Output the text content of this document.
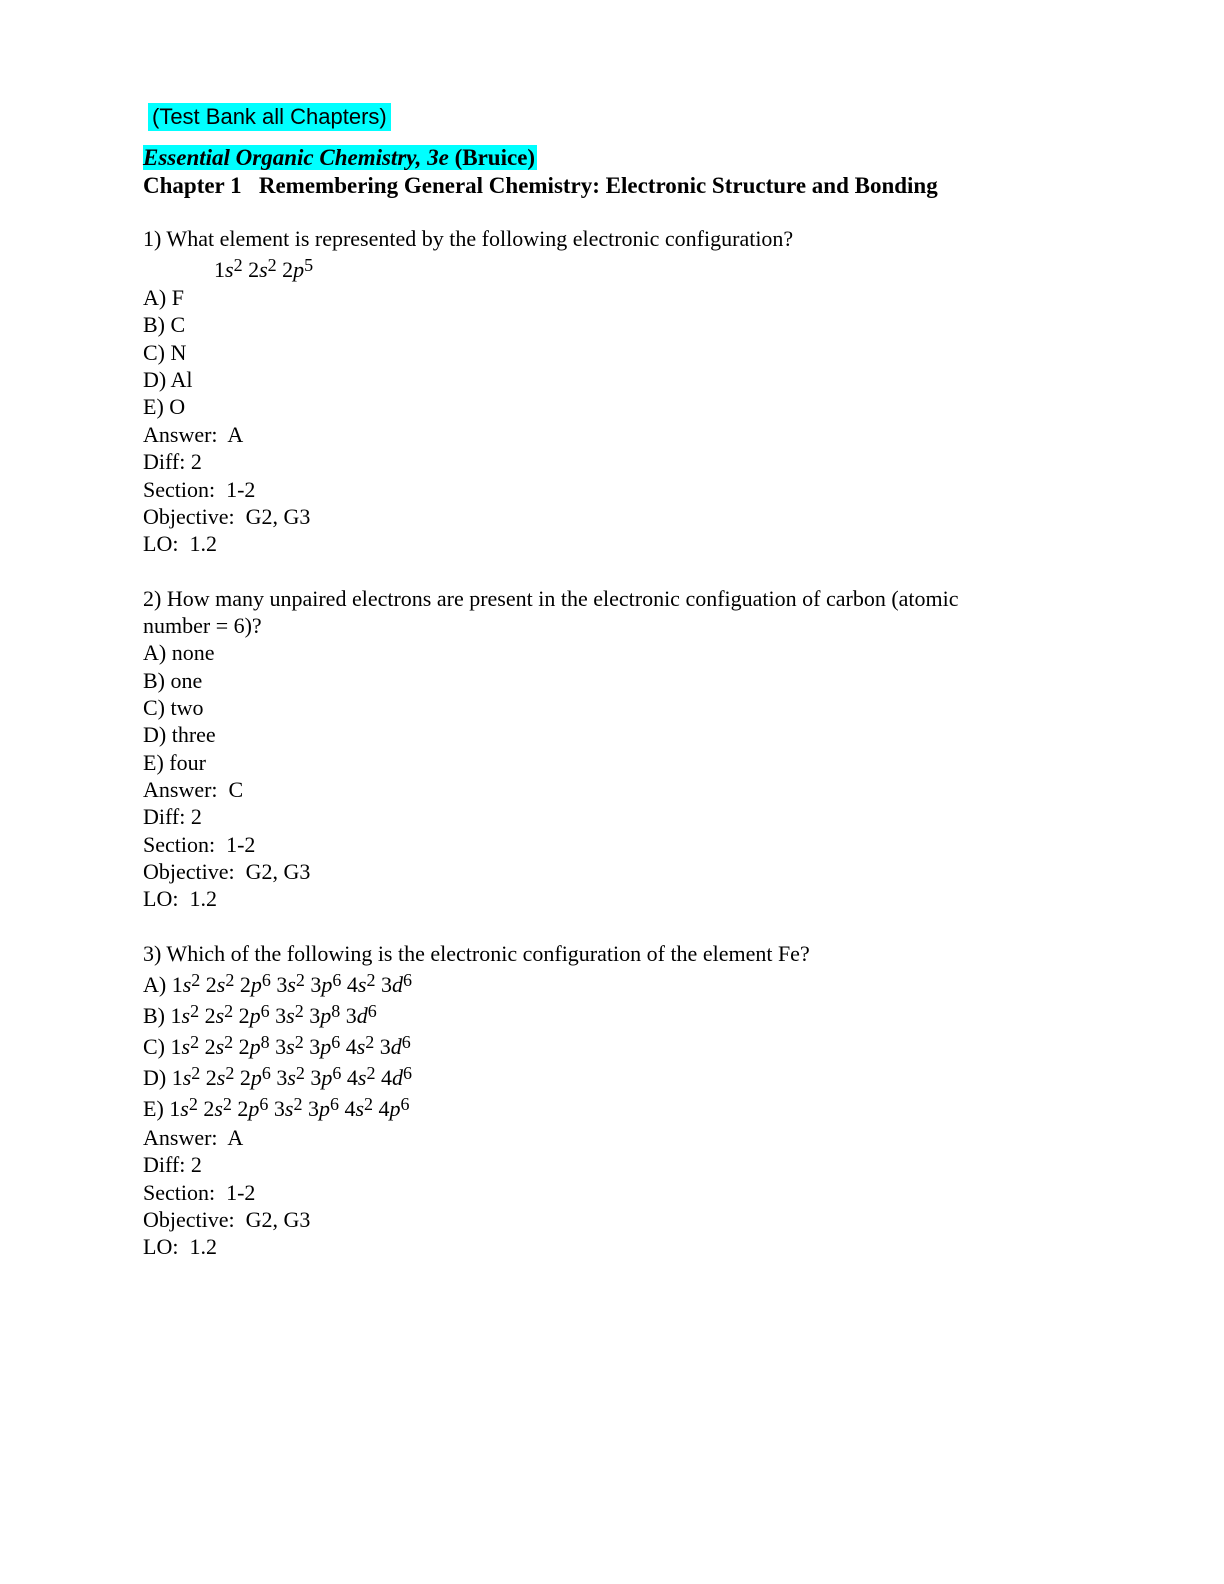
(Test Bank all Chapters)
Essential Organic Chemistry, 3e (Bruice)
Chapter 1   Remembering General Chemistry: Electronic Structure and Bonding
1) What element is represented by the following electronic configuration?
$1s^2$ $2s^2$ $2p^5$
A) F
B) C
C) N
D) Al
E) O
Answer:  A
Diff: 2
Section:  1-2
Objective:  G2, G3
LO:  1.2
2) How many unpaired electrons are present in the electronic configuation of carbon (atomic
number = 6)?
A) none
B) one
C) two
D) three
E) four
Answer:  C
Diff: 2
Section:  1-2
Objective:  G2, G3
LO:  1.2
3) Which of the following is the electronic configuration of the element Fe?
A) $1s^2$ $2s^2$ $2p^6$ $3s^2$ $3p^6$ $4s^2$ $3d^6$
B) $1s^2$ $2s^2$ $2p^6$ $3s^2$ $3p^8$ $3d^6$
C) $1s^2$ $2s^2$ $2p^8$ $3s^2$ $3p^6$ $4s^2$ $3d^6$
D) $1s^2$ $2s^2$ $2p^6$ $3s^2$ $3p^6$ $4s^2$ $4d^6$
E) $1s^2$ $2s^2$ $2p^6$ $3s^2$ $3p^6$ $4s^2$ $4p^6$
Answer:  A
Diff: 2
Section:  1-2
Objective:  G2, G3
LO:  1.2
